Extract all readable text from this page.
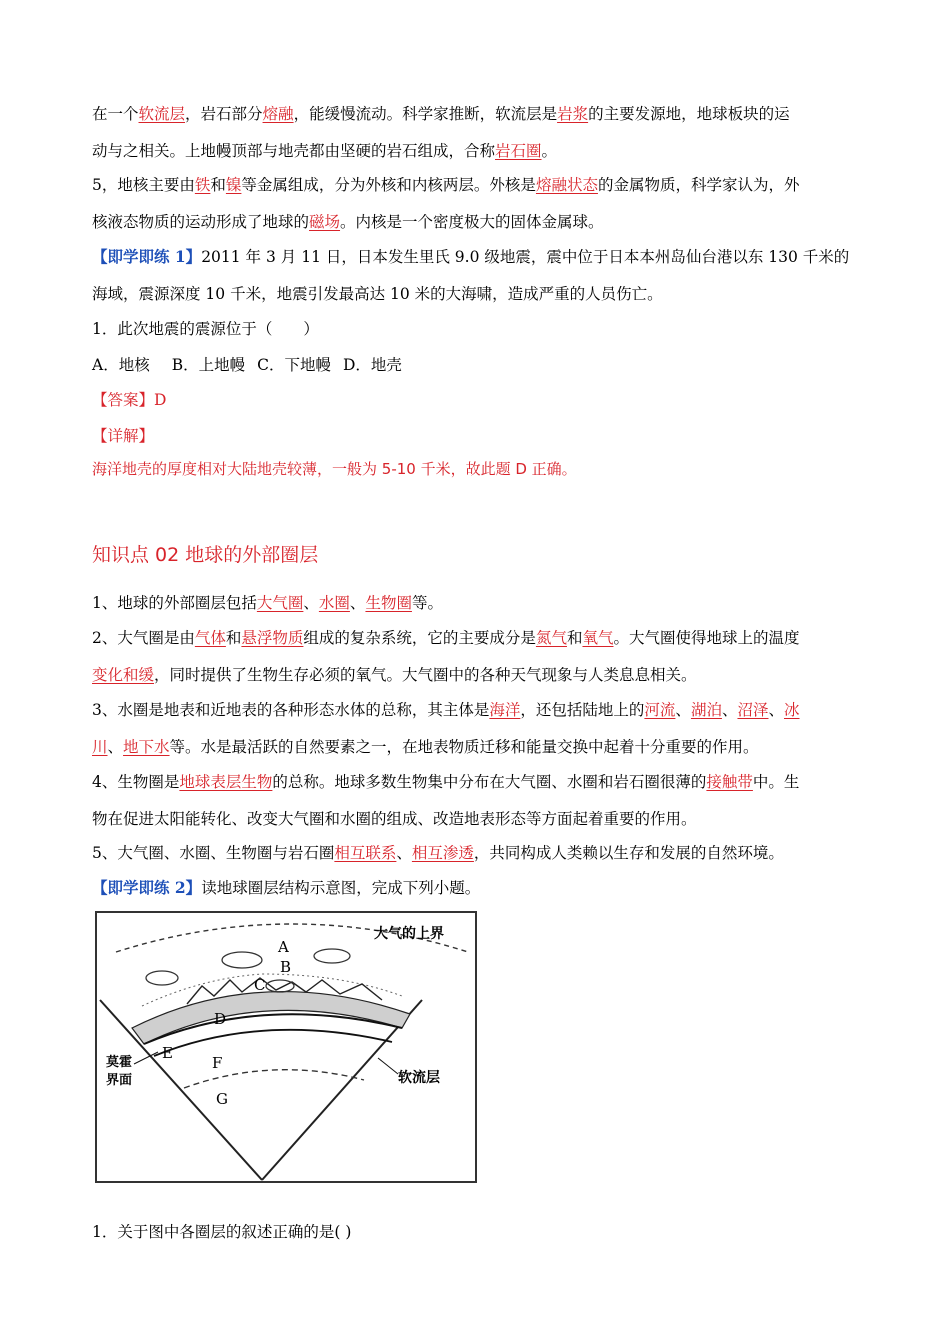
在一个软流层，岩石部分熔融，能缓慢流动。科学家推断，软流层是岩浆的主要发源地，地球板块的运
动与之相关。上地幔顶部与地壳都由坚硬的岩石组成，合称岩石圈。
5，地核主要由铁和镍等金属组成，分为外核和内核两层。外核是熔融状态的金属物质，科学家认为，外
核液态物质的运动形成了地球的磁场。内核是一个密度极大的固体金属球。
【即学即练 1】2011 年 3 月 11 日，日本发生里氏 9.0 级地震，震中位于日本本州岛仙台港以东 130 千米的
海域，震源深度 10 千米，地震引发最高达 10 米的大海啸，造成严重的人员伤亡。
1．此次地震的震源位于（　　）
A．地核 B．上地幔 C．下地幔 D．地壳
【答案】D
【详解】
海洋地壳的厚度相对大陆地壳较薄，一般为 5-10 千米，故此题 D 正确。
知识点 02 地球的外部圈层
1、地球的外部圈层包括大气圈、水圈、生物圈等。
2、大气圈是由气体和悬浮物质组成的复杂系统，它的主要成分是氮气和氧气。大气圈使得地球上的温度
变化和缓，同时提供了生物生存必须的氧气。大气圈中的各种天气现象与人类息息相关。
3、水圈是地表和近地表的各种形态水体的总称，其主体是海洋，还包括陆地上的河流、湖泊、沼泽、冰
川、地下水等。水是最活跃的自然要素之一，在地表物质迁移和能量交换中起着十分重要的作用。
4、生物圈是地球表层生物的总称。地球多数生物集中分布在大气圈、水圈和岩石圈很薄的接触带中。生
物在促进太阳能转化、改变大气圈和水圈的组成、改造地表形态等方面起着重要的作用。
5、大气圈、水圈、生物圈与岩石圈相互联系、相互渗透，共同构成人类赖以生存和发展的自然环境。
【即学即练 2】读地球圈层结构示意图，完成下列小题。
大气的上界
A
B
C
D
E
F
G
莫霍
界面	软流层
1．关于图中各圈层的叙述正确的是( )
